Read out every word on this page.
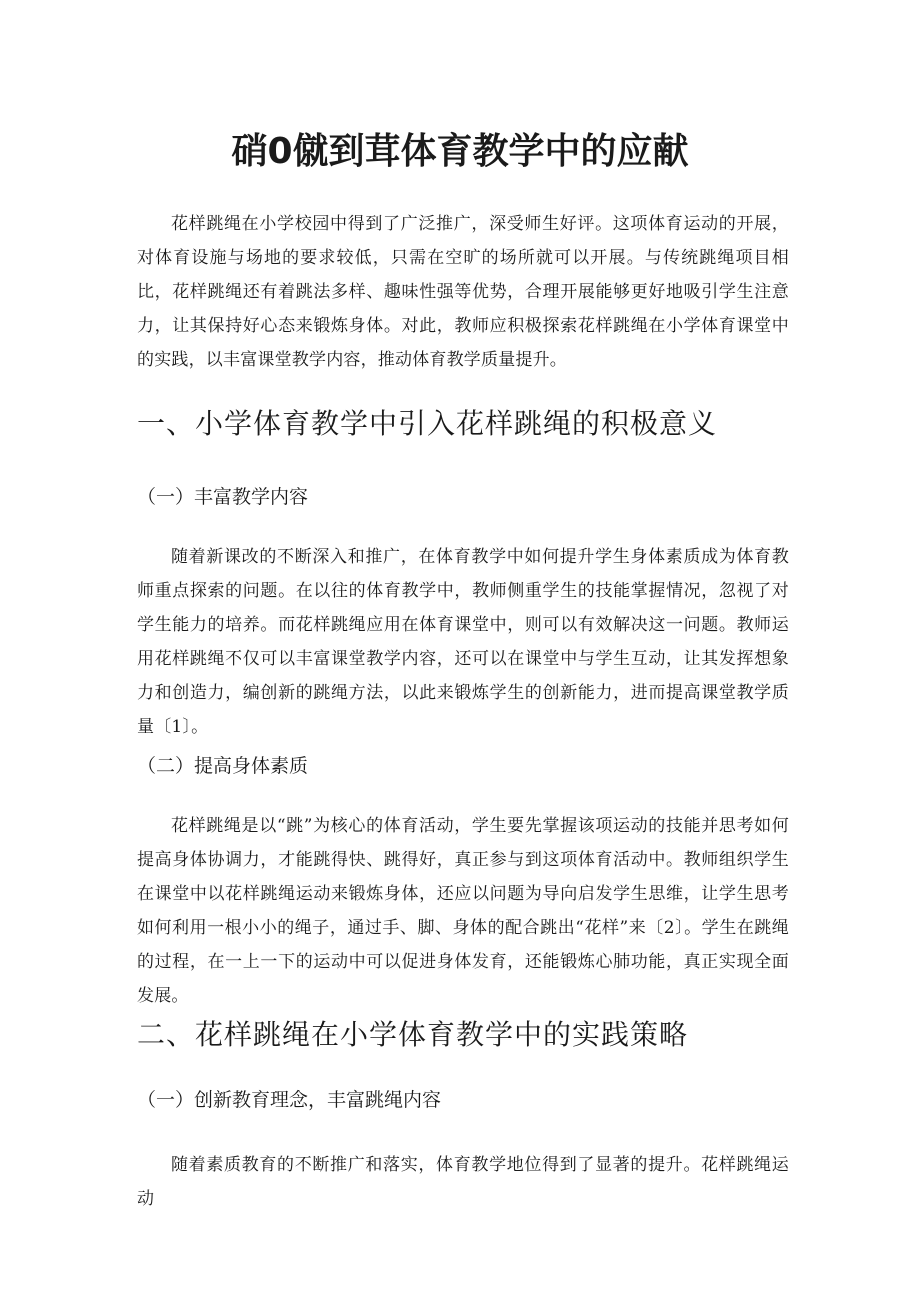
硝0僦到茸体育教学中的应献

花样跳绳在小学校园中得到了广泛推广，深受师生好评。这项体育运动的开展，对体育设施与场地的要求较低，只需在空旷的场所就可以开展。与传统跳绳项目相比，花样跳绳还有着跳法多样、趣味性强等优势，合理开展能够更好地吸引学生注意力，让其保持好心态来锻炼身体。对此，教师应积极探索花样跳绳在小学体育课堂中的实践，以丰富课堂教学内容，推动体育教学质量提升。

一、小学体育教学中引入花样跳绳的积极意义
（一）丰富教学内容

随着新课改的不断深入和推广，在体育教学中如何提升学生身体素质成为体育教师重点探索的问题。在以往的体育教学中，教师侧重学生的技能掌握情况，忽视了对学生能力的培养。而花样跳绳应用在体育课堂中，则可以有效解决这一问题。教师运用花样跳绳不仅可以丰富课堂教学内容，还可以在课堂中与学生互动，让其发挥想象力和创造力，编创新的跳绳方法，以此来锻炼学生的创新能力，进而提高课堂教学质量〔1〕。

（二）提高身体素质

花样跳绳是以“跳”为核心的体育活动，学生要先掌握该项运动的技能并思考如何提高身体协调力，才能跳得快、跳得好，真正参与到这项体育活动中。教师组织学生在课堂中以花样跳绳运动来锻炼身体，还应以问题为导向启发学生思维，让学生思考如何利用一根小小的绳子，通过手、脚、身体的配合跳出“花样”来〔2〕。学生在跳绳的过程，在一上一下的运动中可以促进身体发育，还能锻炼心肺功能，真正实现全面发展。

二、花样跳绳在小学体育教学中的实践策略
（一）创新教育理念，丰富跳绳内容

随着素质教育的不断推广和落实，体育教学地位得到了显著的提升。花样跳绳运动
